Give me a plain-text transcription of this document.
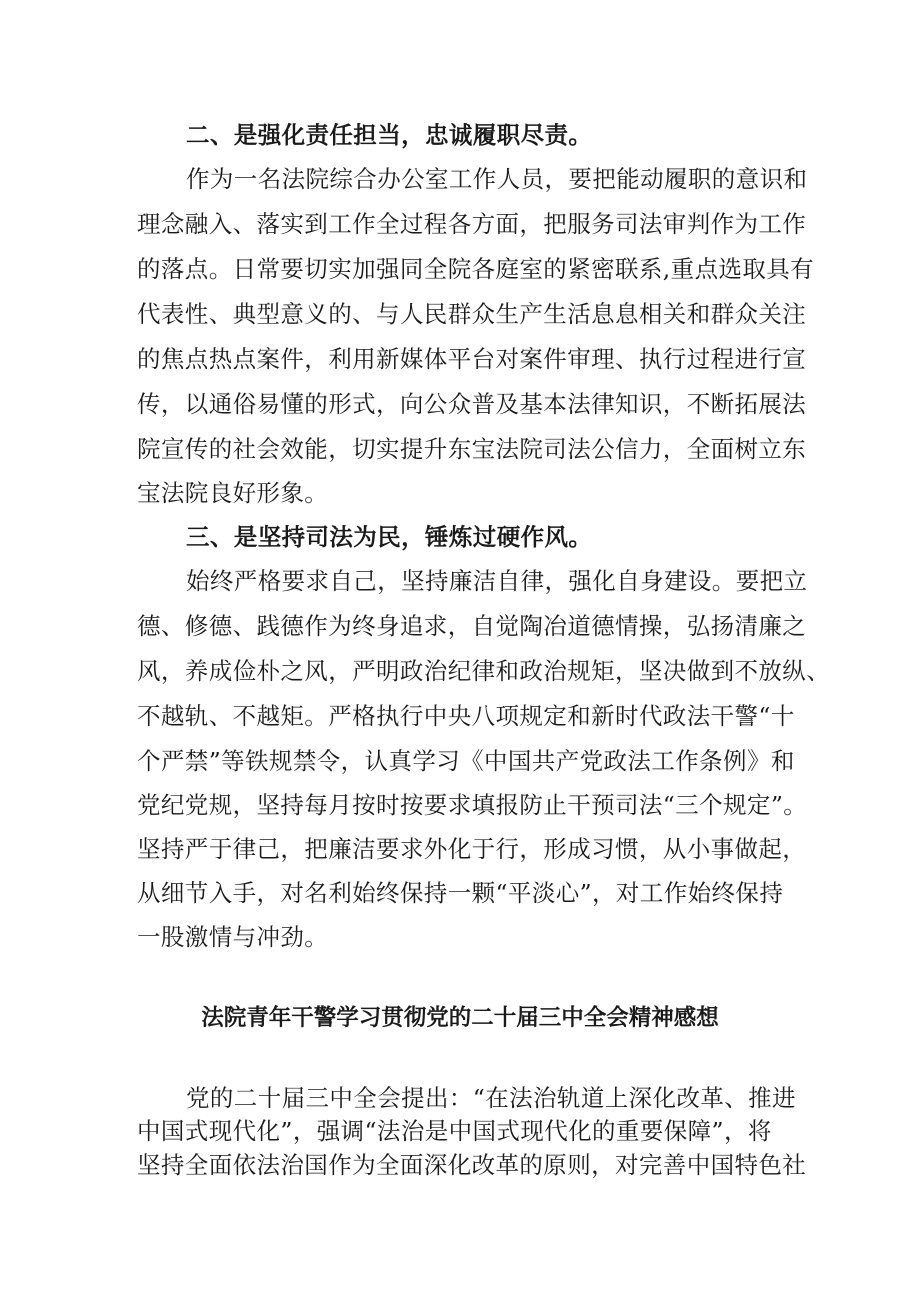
二、是强化责任担当，忠诚履职尽责。
作为一名法院综合办公室工作人员，要把能动履职的意识和
理念融入、落实到工作全过程各方面，把服务司法审判作为工作
的落点。日常要切实加强同全院各庭室的紧密联系,重点选取具有
代表性、典型意义的、与人民群众生产生活息息相关和群众关注
的焦点热点案件，利用新媒体平台对案件审理、执行过程进行宣
传，以通俗易懂的形式，向公众普及基本法律知识，不断拓展法
院宣传的社会效能，切实提升东宝法院司法公信力，全面树立东
宝法院良好形象。
三、是坚持司法为民，锤炼过硬作风。
始终严格要求自己，坚持廉洁自律，强化自身建设。要把立
德、修德、践德作为终身追求，自觉陶冶道德情操，弘扬清廉之
风，养成俭朴之风，严明政治纪律和政治规矩，坚决做到不放纵、
不越轨、不越矩。严格执行中央八项规定和新时代政法干警“十
个严禁”等铁规禁令，认真学习《中国共产党政法工作条例》和
党纪党规，坚持每月按时按要求填报防止干预司法“三个规定”。
坚持严于律己，把廉洁要求外化于行，形成习惯，从小事做起，
从细节入手，对名利始终保持一颗“平淡心”，对工作始终保持
一股激情与冲劲。
法院青年干警学习贯彻党的二十届三中全会精神感想
党的二十届三中全会提出：“在法治轨道上深化改革、推进
中国式现代化”，强调“法治是中国式现代化的重要保障”，将
坚持全面依法治国作为全面深化改革的原则，对完善中国特色社
